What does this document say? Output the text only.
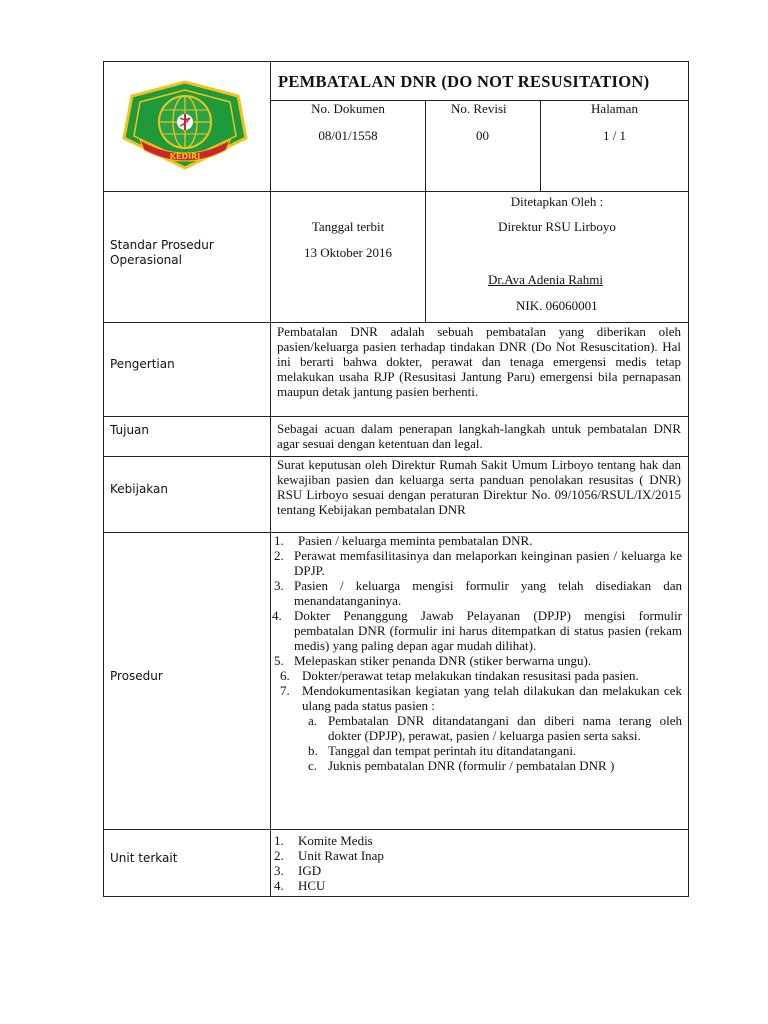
KEDIRI
PEMBATALAN DNR (DO NOT RESUSITATION)
No. Dokumen
08/01/1558
No. Revisi
00
Halaman
1 / 1
Standar Prosedur Operasional
Tanggal terbit
13 Oktober 2016
Ditetapkan Oleh :
Direktur RSU Lirboyo
Dr.Ava Adenia Rahmi
NIK. 06060001
Pengertian
Pembatalan DNR adalah sebuah pembatalan yang diberikan oleh pasien/keluarga pasien terhadap tindakan DNR (Do Not Resuscitation). Hal ini berarti bahwa dokter, perawat dan tenaga emergensi medis tetap melakukan usaha RJP (Resusitasi Jantung Paru) emergensi bila pernapasan maupun detak jantung pasien berhenti.
Tujuan	Sebagai acuan dalam penerapan langkah-langkah untuk pembatalan DNR agar sesuai dengan ketentuan dan legal.
Kebijakan
Surat keputusan oleh Direktur Rumah Sakit Umum Lirboyo tentang hak dan kewajiban pasien dan keluarga serta panduan penolakan resusitas ( DNR) RSU Lirboyo sesuai dengan peraturan Direktur No. 09/1056/RSUL/IX/2015 tentang Kebijakan pembatalan DNR
Prosedur
1. Pasien / keluarga meminta pembatalan DNR.
2. Perawat memfasilitasinya dan melaporkan keinginan pasien / keluarga ke DPJP.
3. Pasien / keluarga mengisi formulir yang telah disediakan dan menandatanganinya.
4. Dokter Penanggung Jawab Pelayanan (DPJP) mengisi formulir pembatalan DNR (formulir ini harus ditempatkan di status pasien (rekam medis) yang paling depan agar mudah dilihat).
5. Melepaskan stiker penanda DNR (stiker berwarna ungu).
6. Dokter/perawat tetap melakukan tindakan resusitasi pada pasien.
7. Mendokumentasikan kegiatan yang telah dilakukan dan melakukan cek ulang pada status pasien :
a. Pembatalan DNR ditandatangani dan diberi nama terang oleh dokter (DPJP), perawat, pasien / keluarga pasien serta saksi.
b. Tanggal dan tempat perintah itu ditandatangani.
c. Juknis pembatalan DNR (formulir / pembatalan DNR )
Unit terkait
1. Komite Medis
2. Unit Rawat Inap
3. IGD
4. HCU
